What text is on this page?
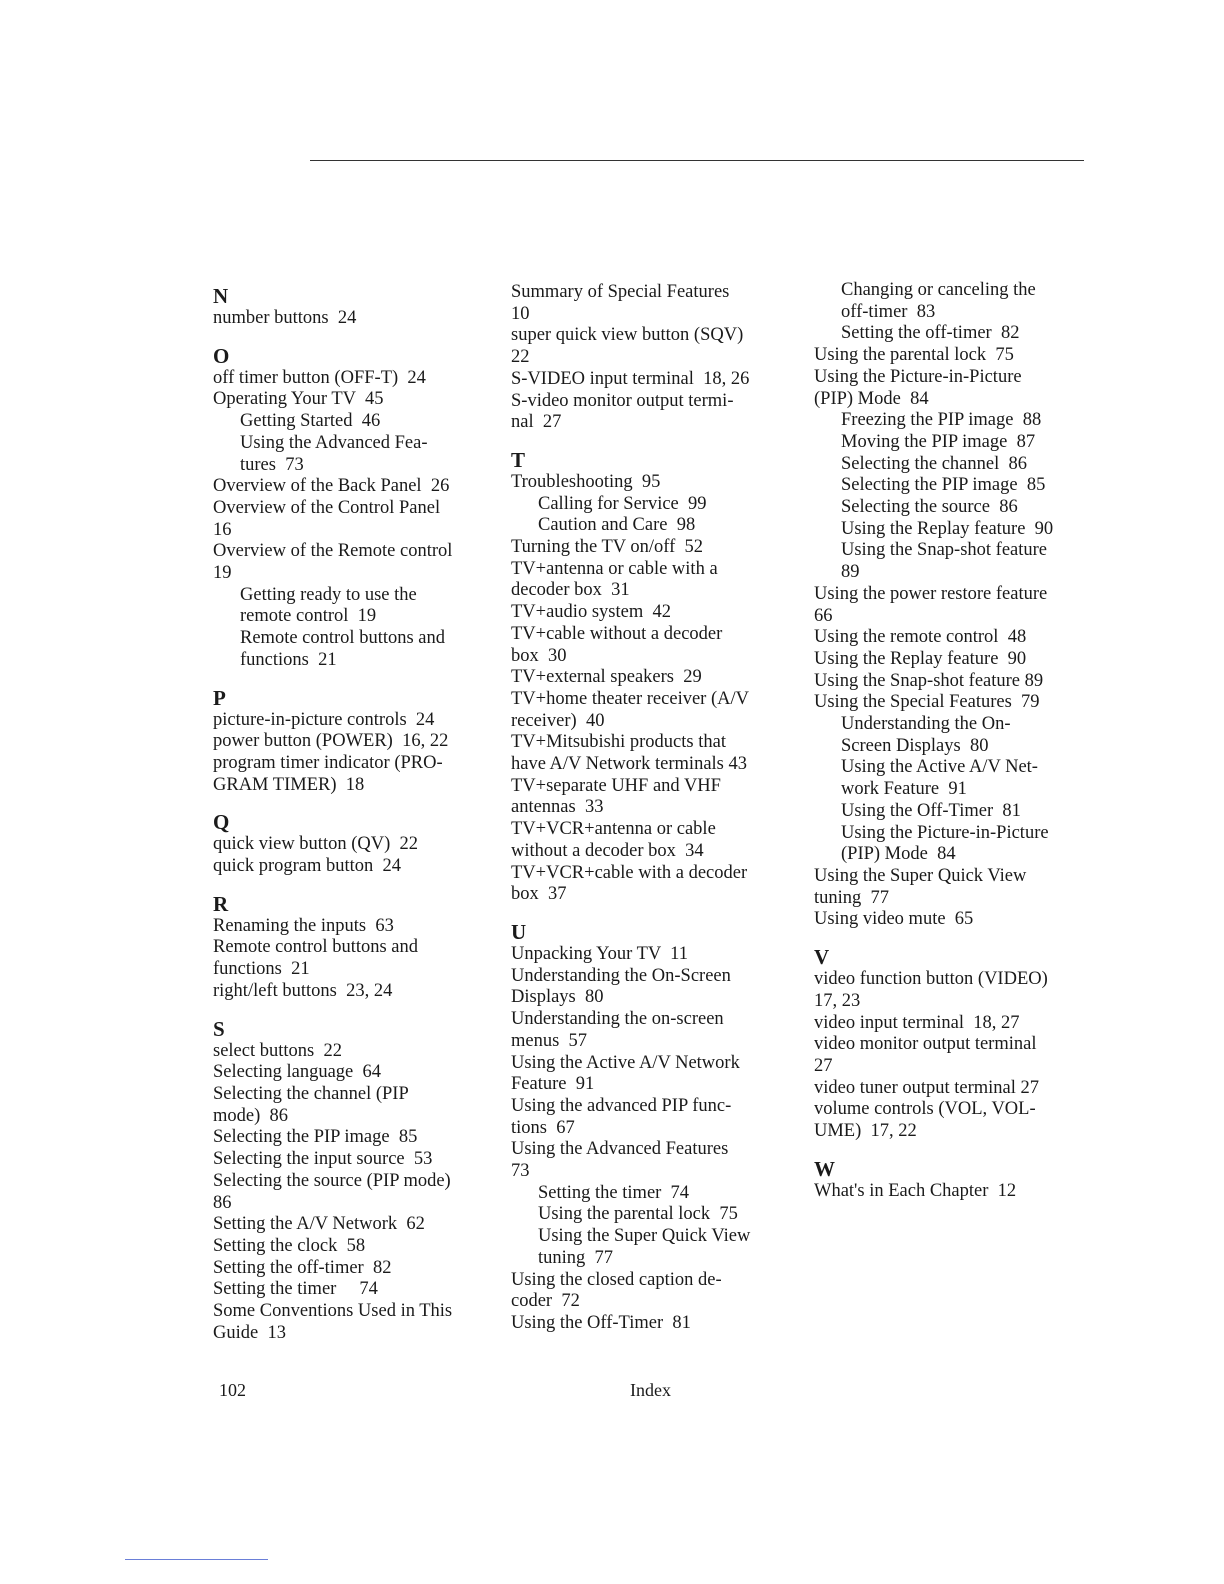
N
number buttons  24
O
off timer button (OFF-T)  24
Operating Your TV  45
Getting Started  46
Using the Advanced Fea-
tures  73
Overview of the Back Panel  26
Overview of the Control Panel
16
Overview of the Remote control
19
Getting ready to use the
remote control  19
Remote control buttons and
functions  21
P
picture-in-picture controls  24
power button (POWER)  16, 22
program timer indicator (PRO-
GRAM TIMER)  18
Q
quick view button (QV)  22
quick program button  24
R
Renaming the inputs  63
Remote control buttons and
functions  21
right/left buttons  23, 24
S
select buttons  22
Selecting language  64
Selecting the channel (PIP
mode)  86
Selecting the PIP image  85
Selecting the input source  53
Selecting the source (PIP mode)
86
Setting the A/V Network  62
Setting the clock  58
Setting the off-timer  82
Setting the timer     74
Some Conventions Used in This
Guide  13
Summary of Special Features
10
super quick view button (SQV)
22
S-VIDEO input terminal  18, 26
S-video monitor output termi-
nal  27
T
Troubleshooting  95
Calling for Service  99
Caution and Care  98
Turning the TV on/off  52
TV+antenna or cable with a
decoder box  31
TV+audio system  42
TV+cable without a decoder
box  30
TV+external speakers  29
TV+home theater receiver (A/V
receiver)  40
TV+Mitsubishi products that
have A/V Network terminals 43
TV+separate UHF and VHF
antennas  33
TV+VCR+antenna or cable
without a decoder box  34
TV+VCR+cable with a decoder
box  37
U
Unpacking Your TV  11
Understanding the On-Screen
Displays  80
Understanding the on-screen
menus  57
Using the Active A/V Network
Feature  91
Using the advanced PIP func-
tions  67
Using the Advanced Features
73
Setting the timer  74
Using the parental lock  75
Using the Super Quick View
tuning  77
Using the closed caption de-
coder  72
Using the Off-Timer  81
Changing or canceling the
off-timer  83
Setting the off-timer  82
Using the parental lock  75
Using the Picture-in-Picture
(PIP) Mode  84
Freezing the PIP image  88
Moving the PIP image  87
Selecting the channel  86
Selecting the PIP image  85
Selecting the source  86
Using the Replay feature  90
Using the Snap-shot feature
89
Using the power restore feature
66
Using the remote control  48
Using the Replay feature  90
Using the Snap-shot feature 89
Using the Special Features  79
Understanding the On-
Screen Displays  80
Using the Active A/V Net-
work Feature  91
Using the Off-Timer  81
Using the Picture-in-Picture
(PIP) Mode  84
Using the Super Quick View
tuning  77
Using video mute  65
V
video function button (VIDEO)
17, 23
video input terminal  18, 27
video monitor output terminal
27
video tuner output terminal 27
volume controls (VOL, VOL-
UME)  17, 22
W
What's in Each Chapter  12
102	Index
